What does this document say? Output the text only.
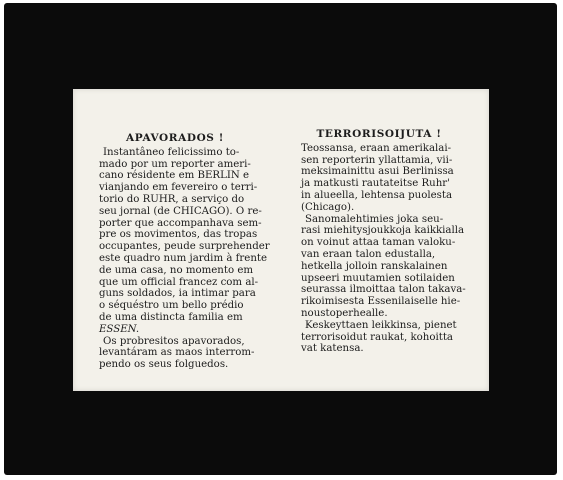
APAVORADOS !

Instantâneo felicissimo to-
mado por um reporter ameri-
cano résidente em BERLIN e
vianjando em fevereiro o terri-
torio do RUHR, a serviço do
seu jornal (de CHICAGO). O re-
porter que accompanhava sem-
pre os movimentos, das tropas
occupantes, peude surprehender
este quadro num jardim à frente
de uma casa, no momento em
que um official francez com al-
guns soldados, ia intimar para
o séquéstro um bello prédio
de uma distincta familia em
ESSEN.
Os probresitos apavorados,
levantáram as maos interrom-
pendo os seus folguedos.

TERRORISOIJUTA !

Teossansa, eraan amerikalai-
sen reporterin yllattamia, vii-
meksimainittu asui Berlinissa
ja matkusti rautateitse Ruhr'
in alueella, lehtensa puolesta
(Chicago).
Sanomalehtimies joka seu-
rasi miehitysjoukkoja kaikkialla
on voinut attaa taman valoku-
van eraan talon edustalla,
hetkella jolloin ranskalainen
upseeri muutamien sotilaiden
seurassa ilmoittaa talon takava-
rikoimisesta Essenilaiselle hie-
noustoperhealle.
Keskeyttaen leikkinsa, pienet
terrorisoidut raukat, kohoitta
vat katensa.
